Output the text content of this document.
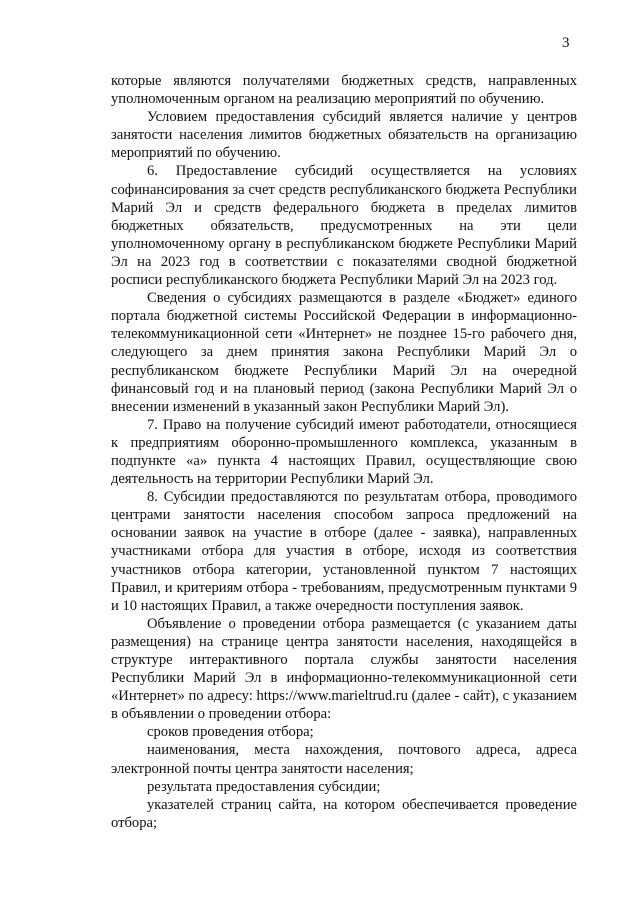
3

которые являются получателями бюджетных средств, направленных уполномоченным органом на реализацию мероприятий по обучению.

Условием предоставления субсидий является наличие у центров занятости населения лимитов бюджетных обязательств на организацию мероприятий по обучению.

6. Предоставление субсидий осуществляется на условиях софинансирования за счет средств республиканского бюджета Республики Марий Эл и средств федерального бюджета в пределах лимитов бюджетных обязательств, предусмотренных на эти цели уполномоченному органу в республиканском бюджете Республики Марий Эл на 2023 год в соответствии с показателями сводной бюджетной росписи республиканского бюджета Республики Марий Эл на 2023 год.

Сведения о субсидиях размещаются в разделе «Бюджет» единого портала бюджетной системы Российской Федерации в информационно-телекоммуникационной сети «Интернет» не позднее 15-го рабочего дня, следующего за днем принятия закона Республики Марий Эл о республиканском бюджете Республики Марий Эл на очередной финансовый год и на плановый период (закона Республики Марий Эл о внесении изменений в указанный закон Республики Марий Эл).

7. Право на получение субсидий имеют работодатели, относящиеся к предприятиям оборонно-промышленного комплекса, указанным в подпункте «а» пункта 4 настоящих Правил, осуществляющие свою деятельность на территории Республики Марий Эл.

8. Субсидии предоставляются по результатам отбора, проводимого центрами занятости населения способом запроса предложений на основании заявок на участие в отборе (далее - заявка), направленных участниками отбора для участия в отборе, исходя из соответствия участников отбора категории, установленной пунктом 7 настоящих Правил, и критериям отбора - требованиям, предусмотренным пунктами 9 и 10 настоящих Правил, а также очередности поступления заявок.

Объявление о проведении отбора размещается (с указанием даты размещения) на странице центра занятости населения, находящейся в структуре интерактивного портала службы занятости населения Республики Марий Эл в информационно-телекоммуникационной сети «Интернет» по адресу: https://www.marieltrud.ru (далее - сайт), с указанием в объявлении о проведении отбора:

сроков проведения отбора;

наименования, места нахождения, почтового адреса, адреса электронной почты центра занятости населения;

результата предоставления субсидии;

указателей страниц сайта, на котором обеспечивается проведение отбора;
